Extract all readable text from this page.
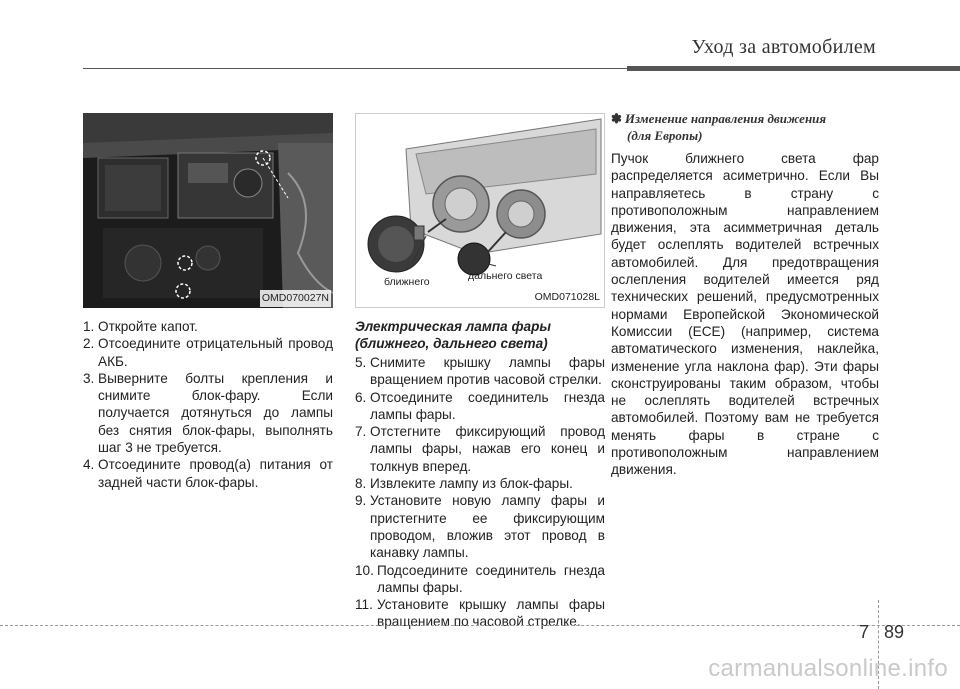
Уход за автомобилем
OMD070027N
1. Откройте капот.
2. Отсоедините отрицательный провод АКБ.
3. Выверните болты крепления и снимите блок-фару. Если получается дотянуться до лампы без снятия блок-фары, выполнять шаг 3 не требуется.
4. Отсоедините провод(а) питания от задней части блок-фары.
ближнего	дальнего света
OMD071028L
Электрическая лампа фары (ближнего, дальнего света)
5. Снимите крышку лампы фары вращением против часовой стрелки.
6. Отсоедините соединитель гнезда лампы фары.
7. Отстегните фиксирующий провод лампы фары, нажав его конец и толкнув вперед.
8. Извлеките лампу из блок-фары.
9. Установите новую лампу фары и пристегните ее фиксирующим проводом, вложив этот провод в канавку лампы.
10. Подсоедините соединитель гнезда лампы фары.
11. Установите крышку лампы фары вращением по часовой стрелке.
✽ Изменение направления движения
(для Европы)
Пучок ближнего света фар распределяется асиметрично. Если Вы направляетесь в страну с противоположным направлением движения, эта асимметричная деталь будет ослеплять водителей встречных автомобилей. Для предотвращения ослепления водителей имеется ряд технических решений, предусмотренных нормами Европейской Экономической Комиссии (ECE) (например, система автоматического изменения, наклейка, изменение угла наклона фар). Эти фары сконструированы таким образом, чтобы не ослеплять водителей встречных автомобилей. Поэтому вам не требуется менять фары в стране с противоположным направлением движения.
7 89
carmanualsonline.info
